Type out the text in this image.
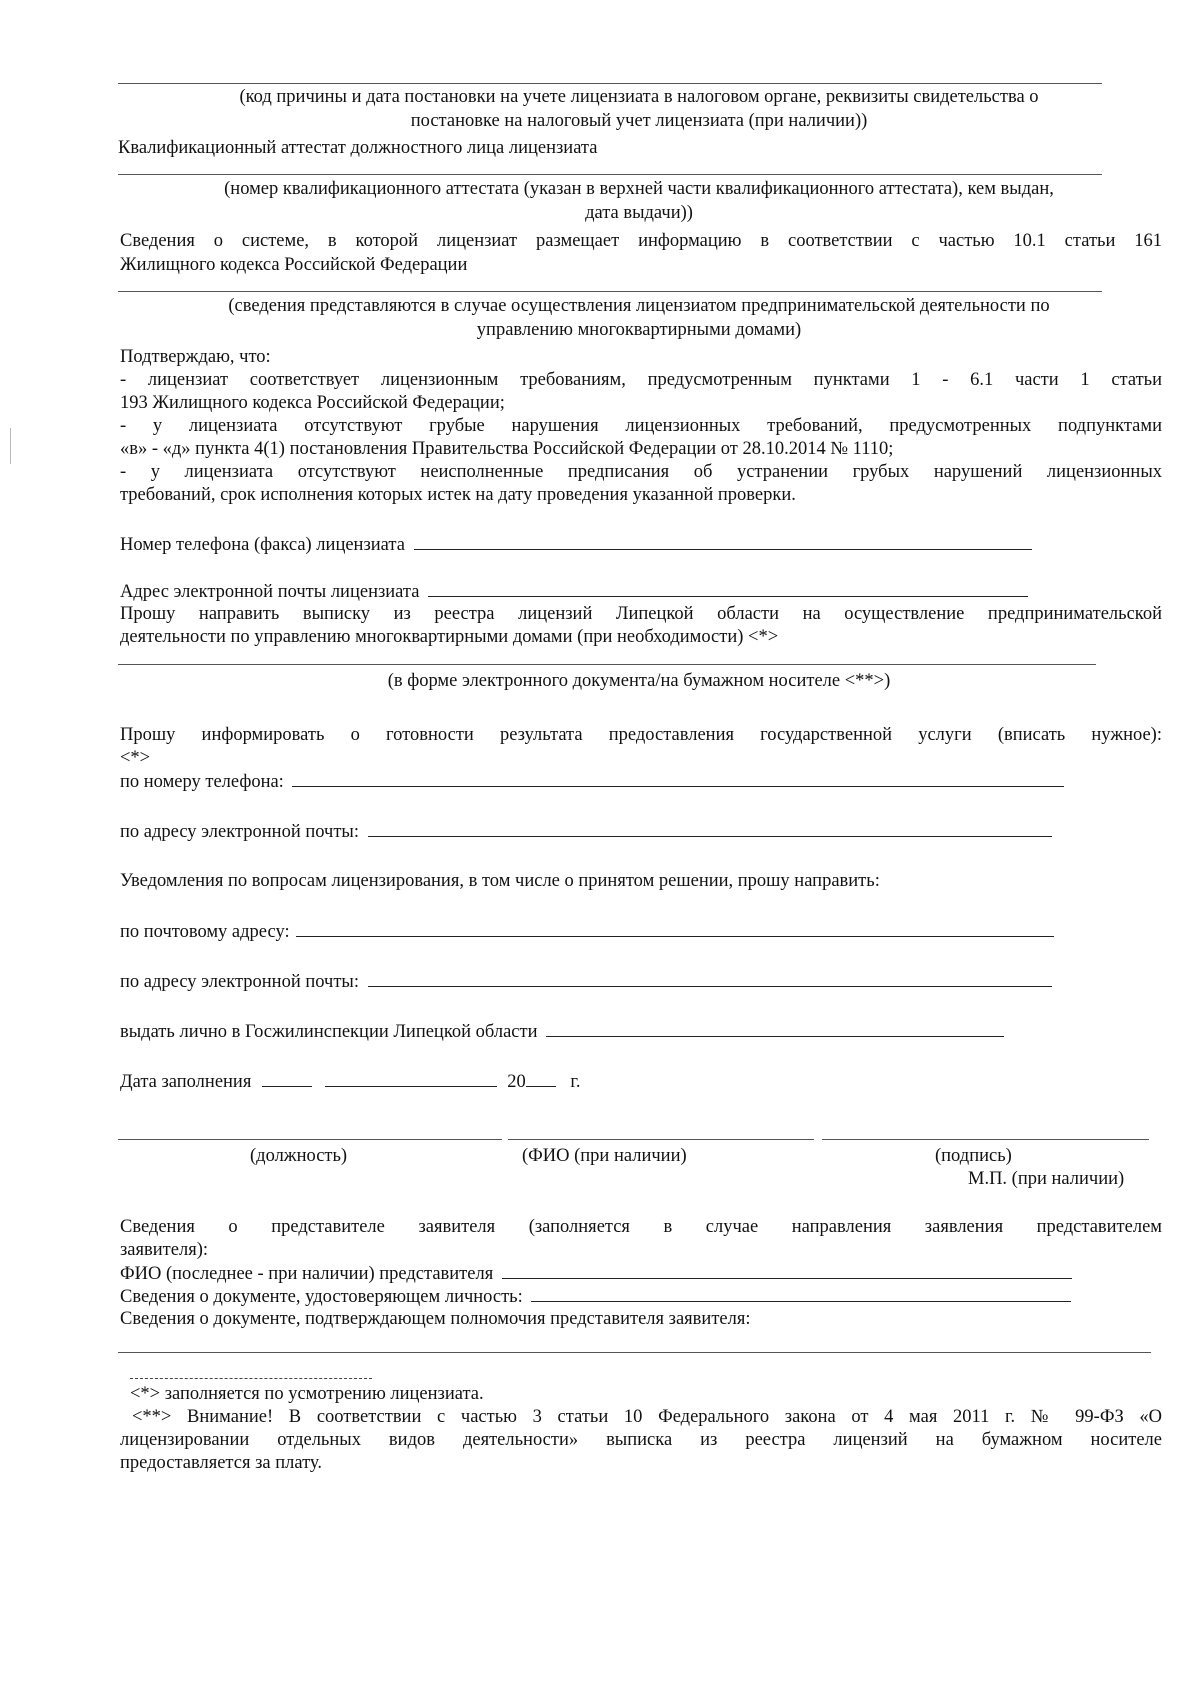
(код причины и дата постановки на учете лицензиата в налоговом органе, реквизиты свидетельства о
постановке на налоговый учет лицензиата (при наличии))
Квалификационный аттестат должностного лица лицензиата
(номер квалификационного аттестата (указан в верхней части квалификационного аттестата), кем выдан,
дата выдачи))
Сведения о системе, в которой лицензиат размещает информацию в соответствии с частью 10.1 статьи 161
Жилищного кодекса Российской Федерации
(сведения представляются в случае осуществления лицензиатом предпринимательской деятельности по
управлению многоквартирными домами)
Подтверждаю, что:
- лицензиат соответствует лицензионным требованиям, предусмотренным пунктами 1 - 6.1 части 1 статьи
193 Жилищного кодекса Российской Федерации;
- у лицензиата отсутствуют грубые нарушения лицензионных требований, предусмотренных подпунктами
«в» - «д» пункта 4(1) постановления Правительства Российской Федерации от 28.10.2014 № 1110;
- у лицензиата отсутствуют неисполненные предписания об устранении грубых нарушений лицензионных
требований, срок исполнения которых истек на дату проведения указанной проверки.
Номер телефона (факса) лицензиата
Адрес электронной почты лицензиата
Прошу направить выписку из реестра лицензий Липецкой области на осуществление предпринимательской
деятельности по управлению многоквартирными домами (при необходимости) <*>
(в форме электронного документа/на бумажном носителе <**>)
Прошу информировать о готовности результата предоставления государственной услуги (вписать нужное):
<*>
по номеру телефона:
по адресу электронной почты:
Уведомления по вопросам лицензирования, в том числе о принятом решении, прошу направить:
по почтовому адресу:
по адресу электронной почты:
выдать лично в Госжилинспекции Липецкой области
Дата заполнения	20 г.
(должность)	(ФИО (при наличии)	(подпись)
М.П. (при наличии)
Сведения о представителе заявителя (заполняется в случае направления заявления представителем
заявителя):
ФИО (последнее - при наличии) представителя
Сведения о документе, удостоверяющем личность:
Сведения о документе, подтверждающем полномочия представителя заявителя:
<*> заполняется по усмотрению лицензиата.
<**> Внимание! В соответствии с частью 3 статьи 10 Федерального закона от 4 мая 2011 г. № 99-ФЗ «О
лицензировании отдельных видов деятельности» выписка из реестра лицензий на бумажном носителе
предоставляется за плату.
